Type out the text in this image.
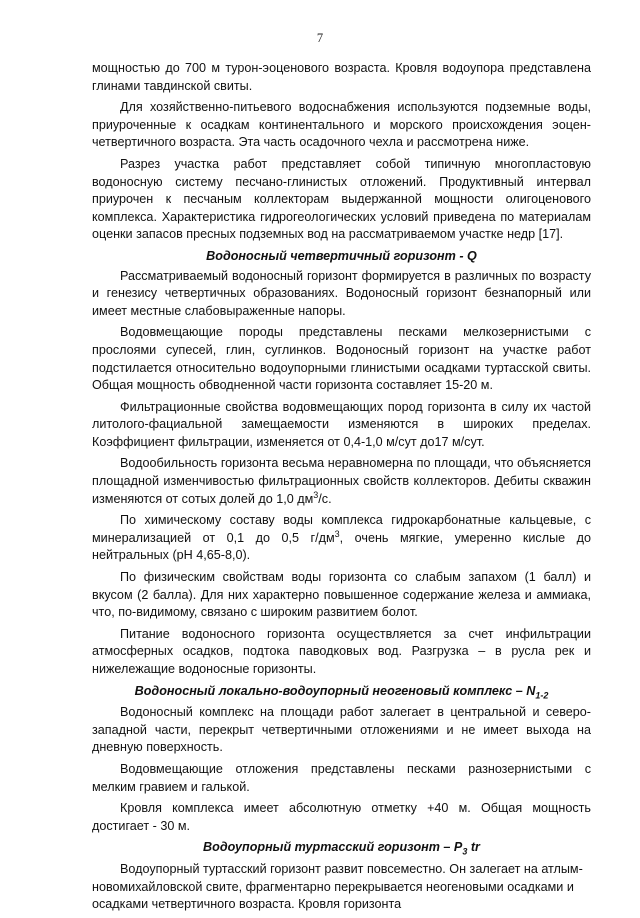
7

мощностью до 700 м турон-эоценового возраста. Кровля водоупора представлена глинами тавдинской свиты.

Для хозяйственно-питьевого водоснабжения используются подземные воды, приуроченные к осадкам континентального и морского происхождения эоцен-четвертичного возраста. Эта часть осадочного чехла и рассмотрена ниже.

Разрез участка работ представляет собой типичную многопластовую водоносную систему песчано-глинистых отложений. Продуктивный интервал приурочен к песчаным коллекторам выдержанной мощности олигоценового комплекса. Характеристика гидрогеологических условий приведена по материалам оценки запасов пресных подземных вод на рассматриваемом участке недр [17].

Водоносный четвертичный горизонт - Q

Рассматриваемый водоносный горизонт формируется в различных по возрасту и генезису четвертичных образованиях. Водоносный горизонт безнапорный или имеет местные слабовыраженные напоры.

Водовмещающие породы представлены песками мелкозернистыми с прослоями супесей, глин, суглинков. Водоносный горизонт на участке работ подстилается относительно водоупорными глинистыми осадками туртасской свиты. Общая мощность обводненной части горизонта составляет 15-20 м.

Фильтрационные свойства водовмещающих пород горизонта в силу их частой литолого-фациальной замещаемости изменяются в широких пределах. Коэффициент фильтрации, изменяется от 0,4-1,0 м/сут до17 м/сут.

Водообильность горизонта весьма неравномерна по площади, что объясняется площадной изменчивостью фильтрационных свойств коллекторов. Дебиты скважин изменяются от сотых долей до 1,0 $дм^3/с$.

По химическому составу воды комплекса гидрокарбонатные кальцевые, с минерализацией от 0,1 до 0,5 $г/дм^3$, очень мягкие, умеренно кислые до нейтральных (рН 4,65-8,0).

По физическим свойствам воды горизонта со слабым запахом (1 балл) и вкусом (2 балла). Для них характерно повышенное содержание железа и аммиака, что, по-видимому, связано с широким развитием болот.

Питание водоносного горизонта осуществляется за счет инфильтрации атмосферных осадков, подтока паводковых вод. Разгрузка – в русла рек и нижележащие водоносные горизонты.

Водоносный локально-водоупорный неогеновый комплекс – $N_{1-2}$

Водоносный комплекс на площади работ залегает в центральной и северо-западной части, перекрыт четвертичными отложениями и не имеет выхода на дневную поверхность.

Водовмещающие отложения представлены песками разнозернистыми с мелким гравием и галькой.

Кровля комплекса имеет абсолютную отметку +40 м. Общая мощность достигает - 30 м.

Водоупорный туртасский горизонт – $P_3$ tr

Водоупорный туртасский горизонт развит повсеместно. Он залегает на атлым-новомихайловской свите, фрагментарно перекрывается неогеновыми осадками и осадками четвертичного возраста. Кровля горизонта
